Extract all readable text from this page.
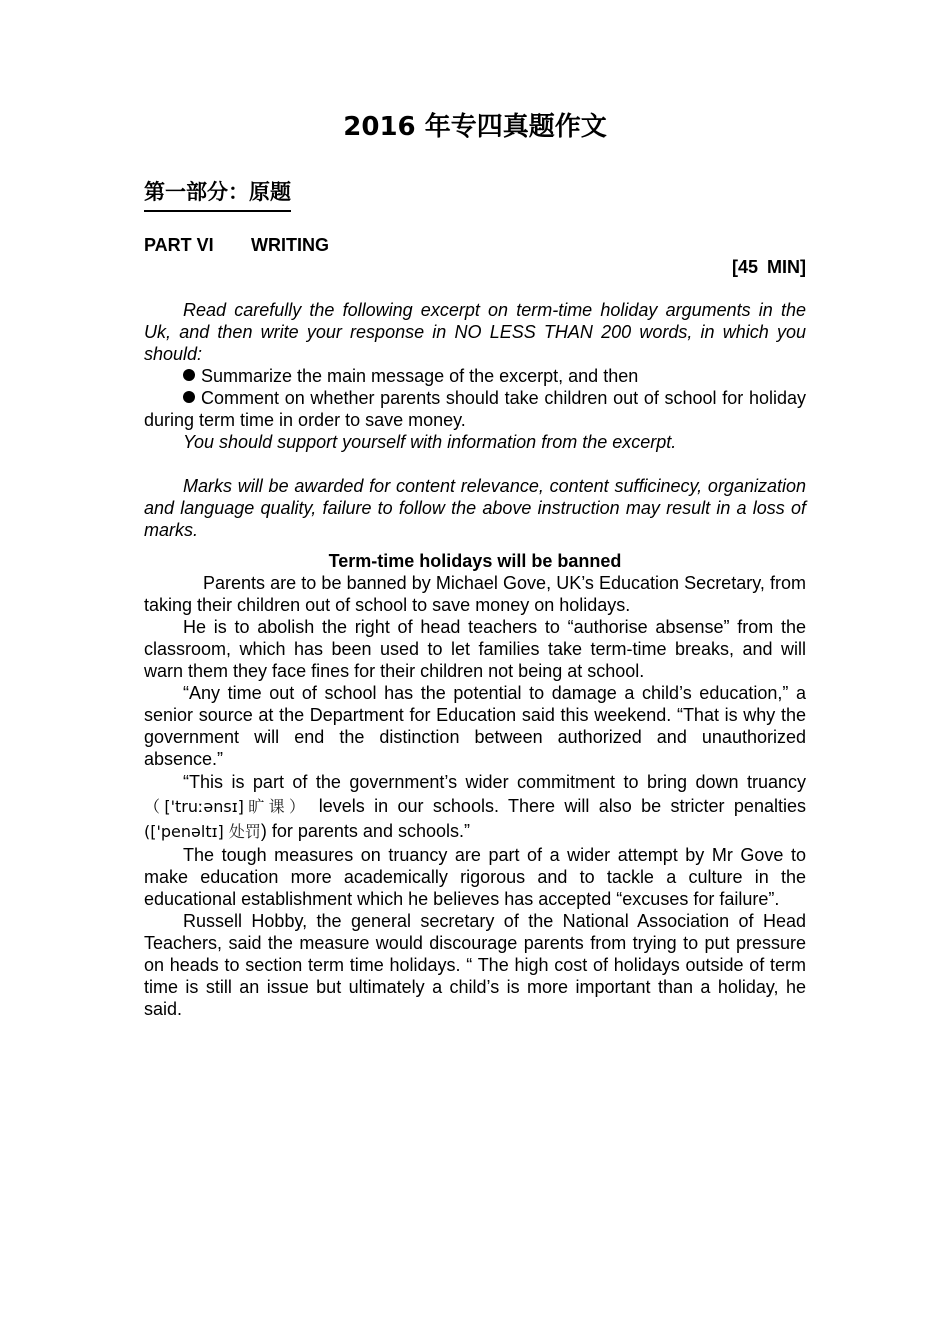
2016 年专四真题作文
第一部分：原题
PART VI WRITING
[45 MIN]

Read carefully the following excerpt on term-time holiday arguments in the Uk, and then write your response in NO LESS THAN 200 words, in which you should:

Summarize the main message of the excerpt, and then

Comment on whether parents should take children out of school for holiday during term time in order to save money.

You should support yourself with information from the excerpt.

Marks will be awarded for content relevance, content sufficinecy, organization and language quality, failure to follow the above instruction may result in a loss of marks.

Term-time holidays will be banned

Parents are to be banned by Michael Gove, UK’s Education Secretary, from taking their children out of school to save money on holidays.

He is to abolish the right of head teachers to “authorise absense” from the classroom, which has been used to let families take term-time breaks, and will warn them they face fines for their children not being at school.

“Any time out of school has the potential to damage a child’s education,” a senior source at the Department for Education said this weekend. “That is why the government will end the distinction between authorized and unauthorized absence.”

“This is part of the government’s wider commitment to bring down truancy（['truːənsɪ]旷课） levels in our schools. There will also be stricter penalties (['penəltɪ] 处罚) for parents and schools.”

The tough measures on truancy are part of a wider attempt by Mr Gove to make education more academically rigorous and to tackle a culture in the educational establishment which he believes has accepted “excuses for failure”.

Russell Hobby, the general secretary of the National Association of Head Teachers, said the measure would discourage parents from trying to put pressure on heads to section term time holidays. “ The high cost of holidays outside of term time is still an issue but ultimately a child’s is more important than a holiday, he said.
